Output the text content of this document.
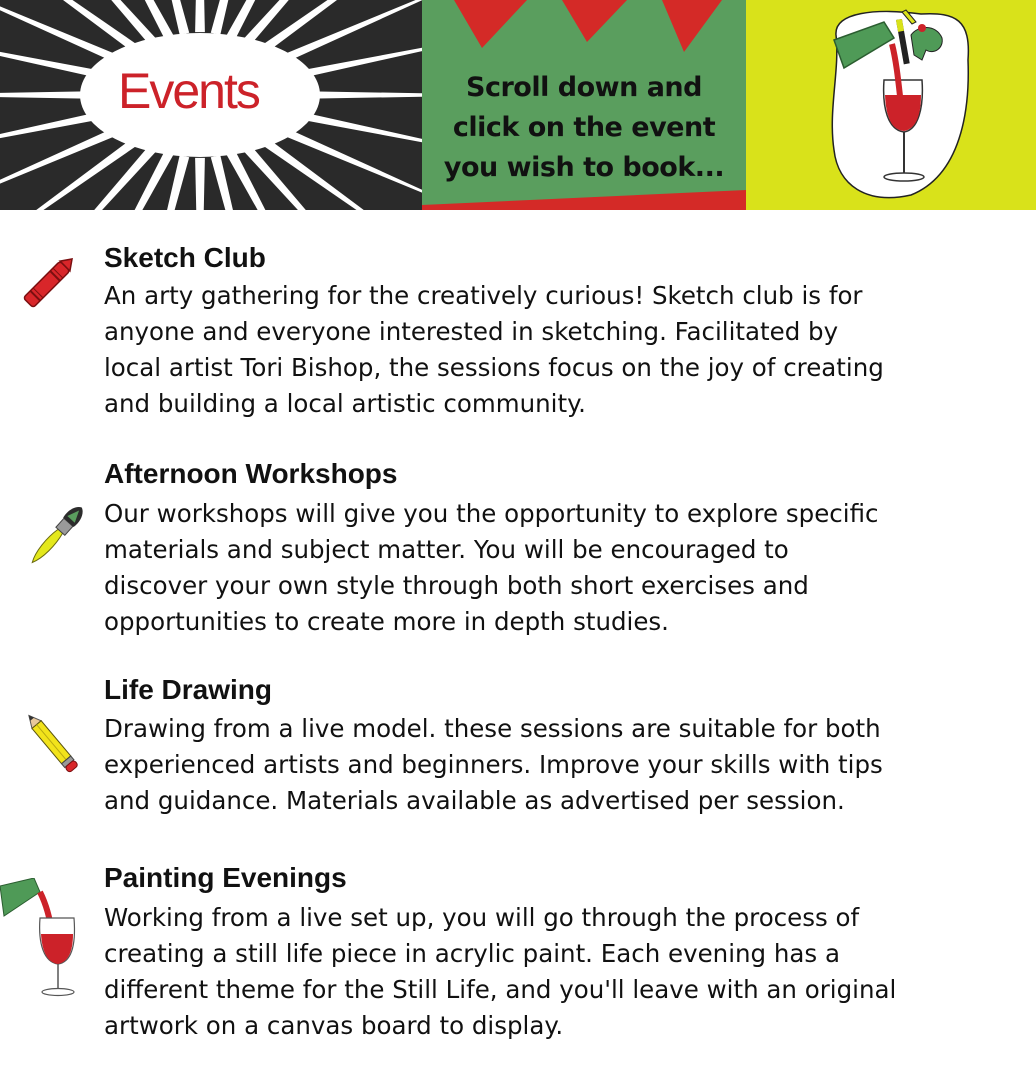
Events	Scroll down and
click on the event
you wish to book...
Sketch Club
An arty gathering for the creatively curious! Sketch club is for
anyone and everyone interested in sketching. Facilitated by
local artist Tori Bishop, the sessions focus on the joy of creating
and building a local artistic community.
Afternoon Workshops
Our workshops will give you the opportunity to explore specific
materials and subject matter. You will be encouraged to
discover your own style through both short exercises and
opportunities to create more in depth studies.
Life Drawing
Drawing from a live model. these sessions are suitable for both
experienced artists and beginners. Improve your skills with tips
and guidance. Materials available as advertised per session.
Painting Evenings
Working from a live set up, you will go through the process of
creating a still life piece in acrylic paint. Each evening has a
different theme for the Still Life, and you'll leave with an original
artwork on a canvas board to display.
